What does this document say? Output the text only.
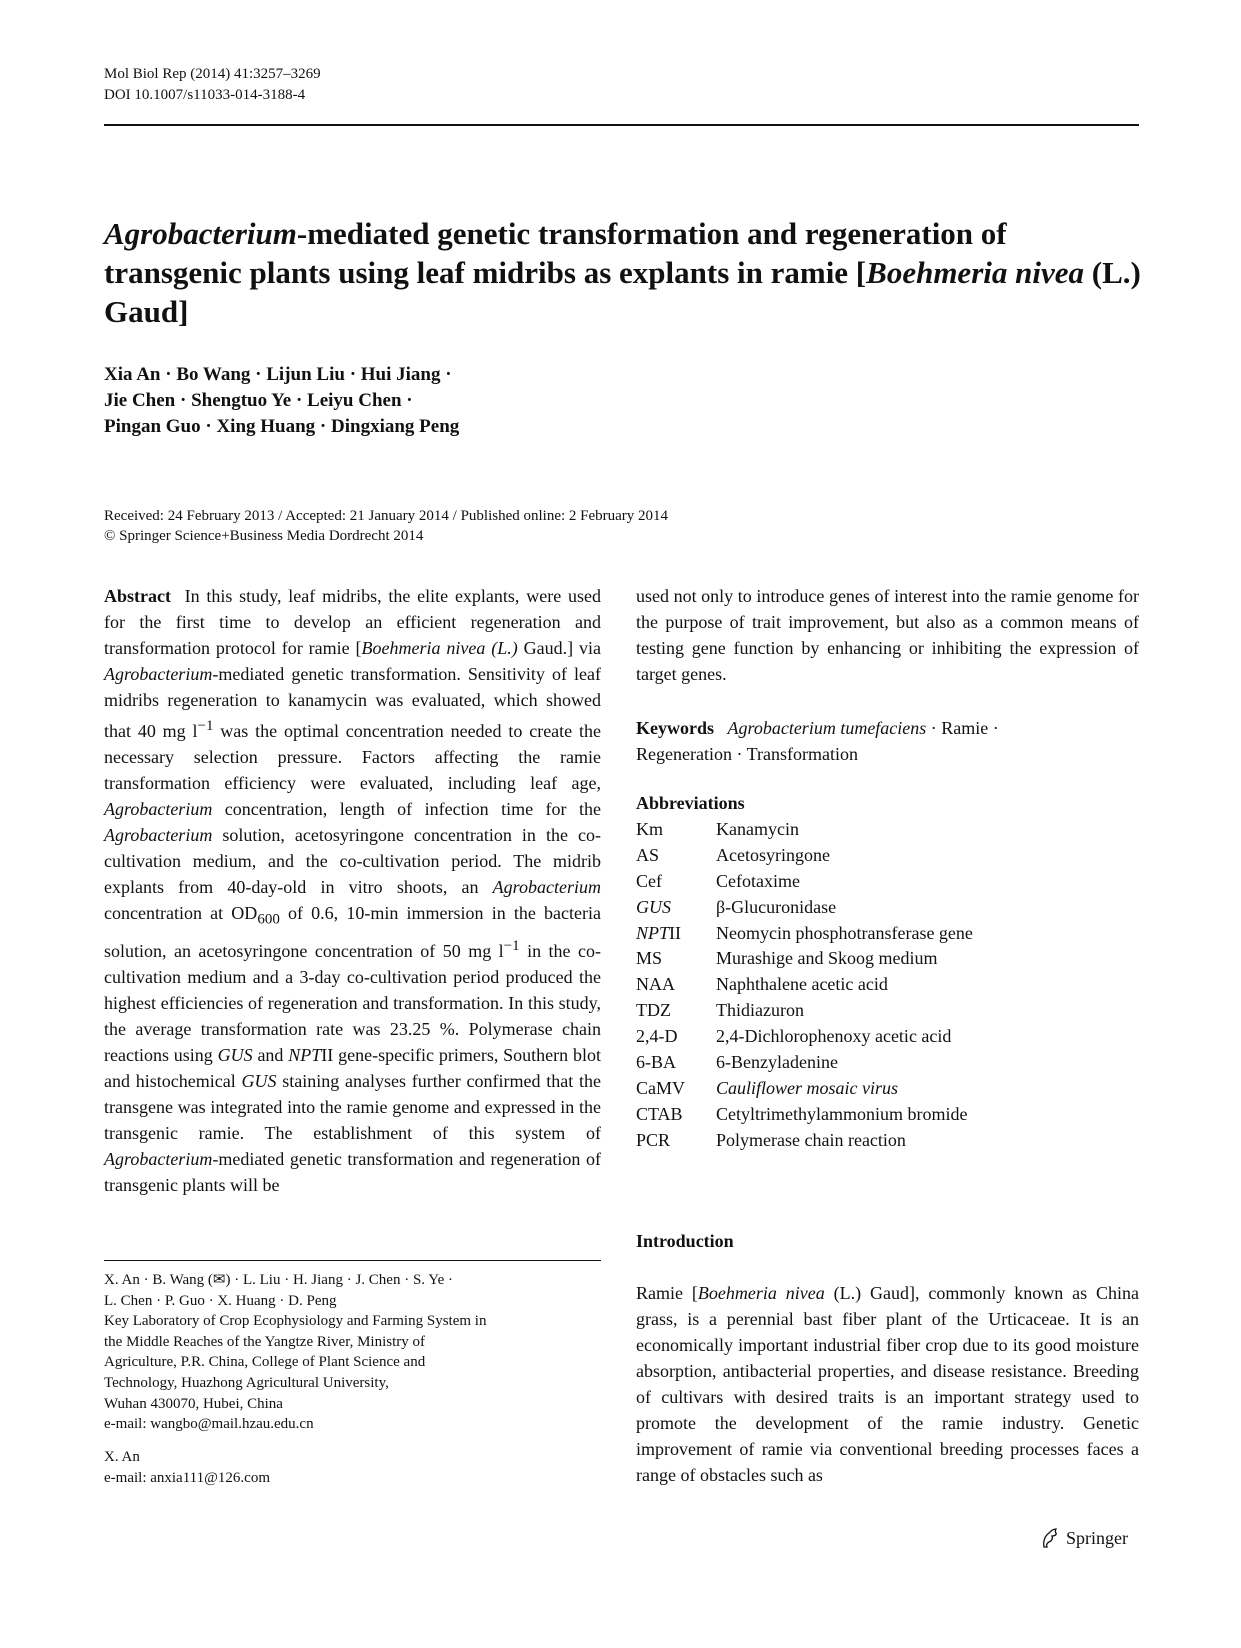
Mol Biol Rep (2014) 41:3257–3269
DOI 10.1007/s11033-014-3188-4
Agrobacterium-mediated genetic transformation and regeneration of transgenic plants using leaf midribs as explants in ramie [Boehmeria nivea (L.) Gaud]
Xia An · Bo Wang · Lijun Liu · Hui Jiang ·
Jie Chen · Shengtuo Ye · Leiyu Chen ·
Pingan Guo · Xing Huang · Dingxiang Peng
Received: 24 February 2013 / Accepted: 21 January 2014 / Published online: 2 February 2014
© Springer Science+Business Media Dordrecht 2014

Abstract In this study, leaf midribs, the elite explants, were used for the first time to develop an efficient regeneration and transformation protocol for ramie [Boehmeria nivea (L.) Gaud.] via Agrobacterium-mediated genetic transformation. Sensitivity of leaf midribs regeneration to kanamycin was evaluated, which showed that 40 mg $l^{-1}$ was the optimal concentration needed to create the necessary selection pressure. Factors affecting the ramie transformation efficiency were evaluated, including leaf age, Agrobacterium concentration, length of infection time for the Agrobacterium solution, acetosyringone concentration in the co-cultivation medium, and the co-cultivation period. The midrib explants from 40-day-old in vitro shoots, an Agrobacterium concentration at $OD_{600}$ of 0.6, 10-min immersion in the bacteria solution, an acetosyringone concentration of 50 mg $l^{-1}$ in the co-cultivation medium and a 3-day co-cultivation period produced the highest efficiencies of regeneration and transformation. In this study, the average transformation rate was 23.25 %. Polymerase chain reactions using GUS and NPTII gene-specific primers, Southern blot and histochemical GUS staining analyses further confirmed that the transgene was integrated into the ramie genome and expressed in the transgenic ramie. The establishment of this system of Agrobacterium-mediated genetic transformation and regeneration of transgenic plants will be

used not only to introduce genes of interest into the ramie genome for the purpose of trait improvement, but also as a common means of testing gene function by enhancing or inhibiting the expression of target genes.

Keywords Agrobacterium tumefaciens · Ramie ·
Regeneration · Transformation
Abbreviations
Km	Kanamycin
AS	Acetosyringone
Cef	Cefotaxime
GUS	β-Glucuronidase
NPTII	Neomycin phosphotransferase gene
MS	Murashige and Skoog medium
NAA	Naphthalene acetic acid
TDZ	Thidiazuron
2,4-D	2,4-Dichlorophenoxy acetic acid
6-BA	6-Benzyladenine
CaMV	Cauliflower mosaic virus
CTAB	Cetyltrimethylammonium bromide
PCR	Polymerase chain reaction
Introduction

Ramie [Boehmeria nivea (L.) Gaud], commonly known as China grass, is a perennial bast fiber plant of the Urticaceae. It is an economically important industrial fiber crop due to its good moisture absorption, antibacterial properties, and disease resistance. Breeding of cultivars with desired traits is an important strategy used to promote the development of the ramie industry. Genetic improvement of ramie via conventional breeding processes faces a range of obstacles such as

X. An · B. Wang (✉) · L. Liu · H. Jiang · J. Chen · S. Ye ·
L. Chen · P. Guo · X. Huang · D. Peng
Key Laboratory of Crop Ecophysiology and Farming System in
the Middle Reaches of the Yangtze River, Ministry of
Agriculture, P.R. China, College of Plant Science and
Technology, Huazhong Agricultural University,
Wuhan 430070, Hubei, China
e-mail: wangbo@mail.hzau.edu.cn
X. An
e-mail: anxia111@126.com
Springer
